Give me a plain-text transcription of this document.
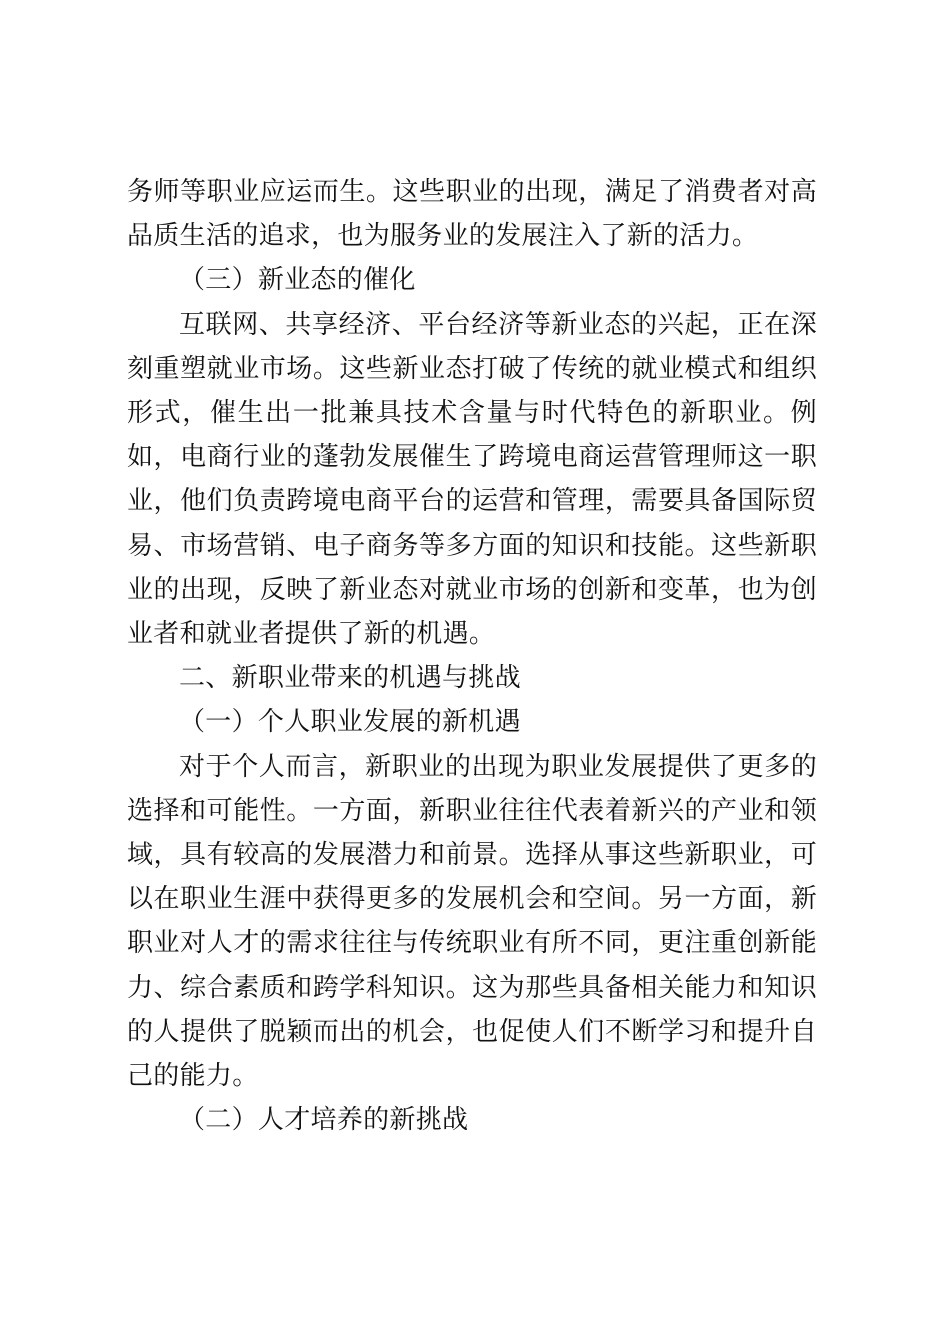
务师等职业应运而生。这些职业的出现，满足了消费者对高品质生活的追求，也为服务业的发展注入了新的活力。

（三）新业态的催化

互联网、共享经济、平台经济等新业态的兴起，正在深刻重塑就业市场。这些新业态打破了传统的就业模式和组织形式，催生出一批兼具技术含量与时代特色的新职业。例如，电商行业的蓬勃发展催生了跨境电商运营管理师这一职业，他们负责跨境电商平台的运营和管理，需要具备国际贸易、市场营销、电子商务等多方面的知识和技能。这些新职业的出现，反映了新业态对就业市场的创新和变革，也为创业者和就业者提供了新的机遇。

二、新职业带来的机遇与挑战

（一）个人职业发展的新机遇

对于个人而言，新职业的出现为职业发展提供了更多的选择和可能性。一方面，新职业往往代表着新兴的产业和领域，具有较高的发展潜力和前景。选择从事这些新职业，可以在职业生涯中获得更多的发展机会和空间。另一方面，新职业对人才的需求往往与传统职业有所不同，更注重创新能力、综合素质和跨学科知识。这为那些具备相关能力和知识的人提供了脱颖而出的机会，也促使人们不断学习和提升自己的能力。

（二）人才培养的新挑战
